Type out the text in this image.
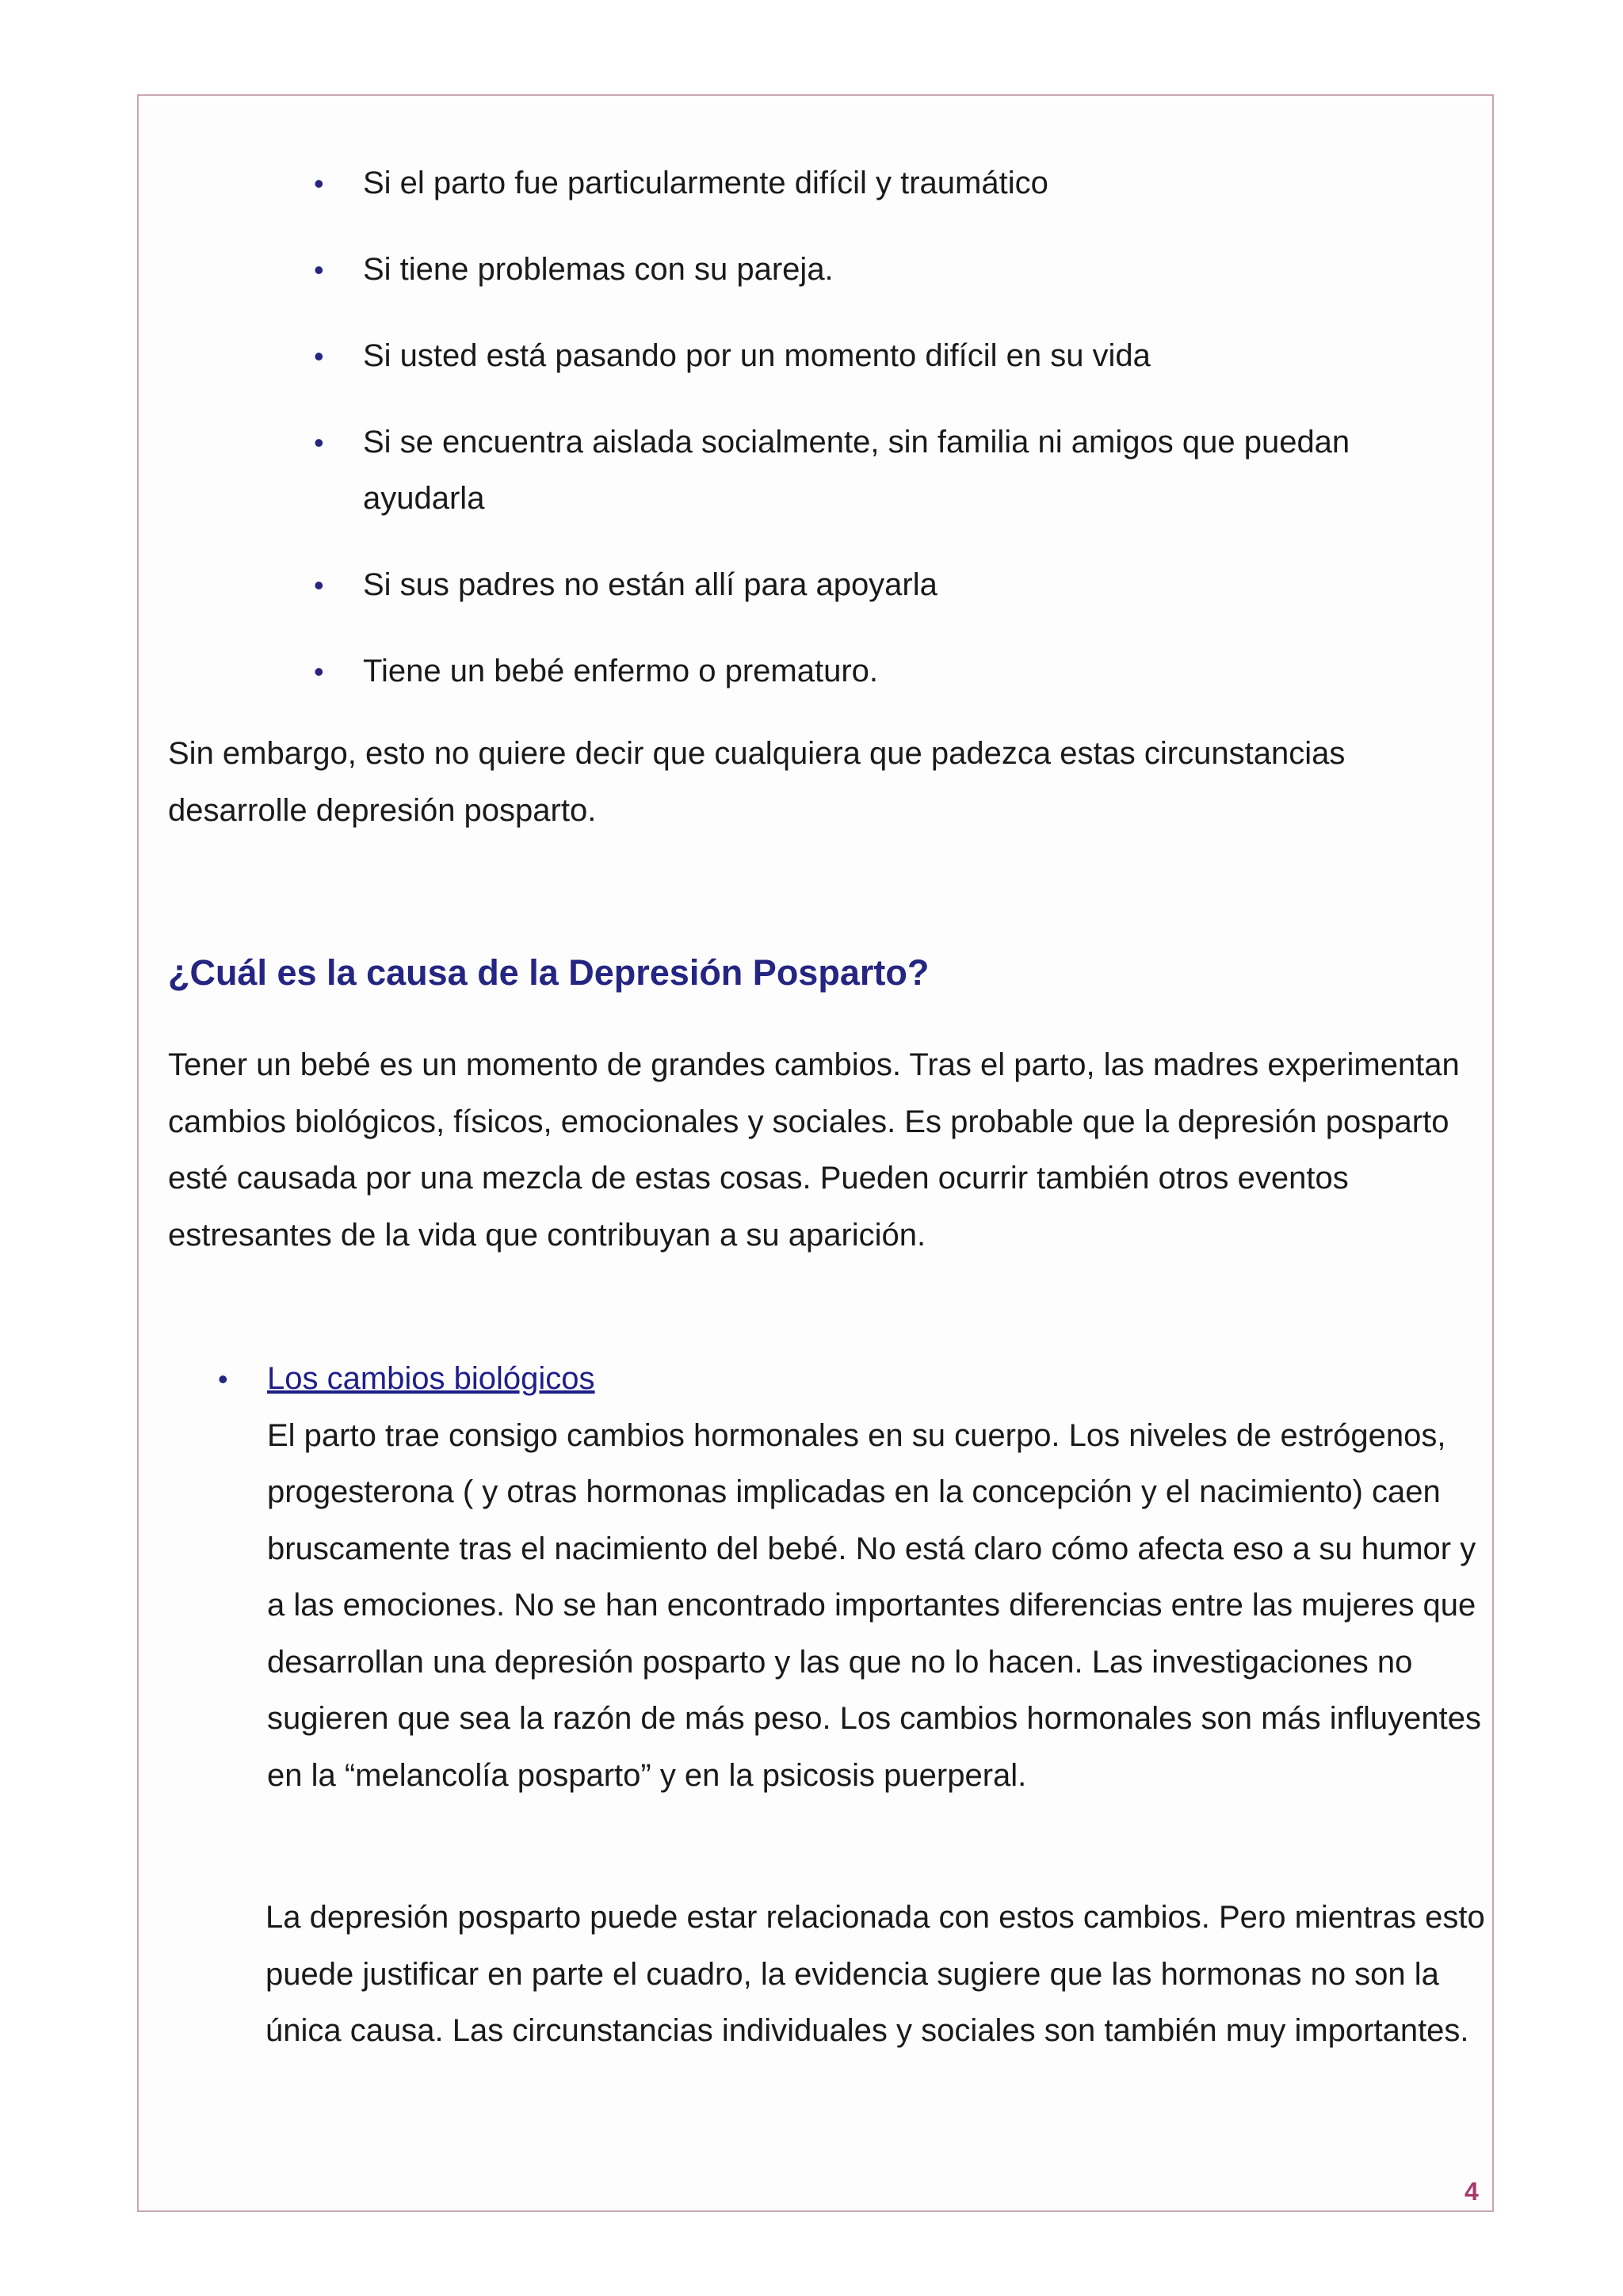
• Si el parto fue particularmente difícil y traumático
• Si tiene problemas con su pareja.
• Si usted está pasando por un momento difícil en su vida
• Si se encuentra aislada socialmente, sin familia ni amigos que puedan ayudarla
• Si sus padres no están allí para apoyarla
• Tiene un bebé enfermo o prematuro.

Sin embargo, esto no quiere decir que cualquiera que padezca estas circunstancias desarrolle depresión posparto.

¿Cuál es la causa de la Depresión Posparto?

Tener un bebé es un momento de grandes cambios. Tras el parto, las madres experimentan cambios biológicos, físicos, emocionales y sociales. Es probable que la depresión posparto esté causada por una mezcla de estas cosas. Pueden ocurrir también otros eventos estresantes de la vida que contribuyan a su aparición.

• Los cambios biológicos

El parto trae consigo cambios hormonales en su cuerpo. Los niveles de estrógenos, progesterona ( y otras hormonas implicadas en la concepción y el nacimiento) caen bruscamente tras el nacimiento del bebé. No está claro cómo afecta eso a su humor y a las emociones. No se han encontrado importantes diferencias entre las mujeres que desarrollan una depresión posparto y las que no lo hacen. Las investigaciones no sugieren que sea la razón de más peso. Los cambios hormonales son más influyentes en la “melancolía posparto” y en la psicosis puerperal.

La depresión posparto puede estar relacionada con estos cambios. Pero mientras esto puede justificar en parte el cuadro, la evidencia sugiere que las hormonas no son la única causa. Las circunstancias individuales y sociales son también muy importantes.

4
